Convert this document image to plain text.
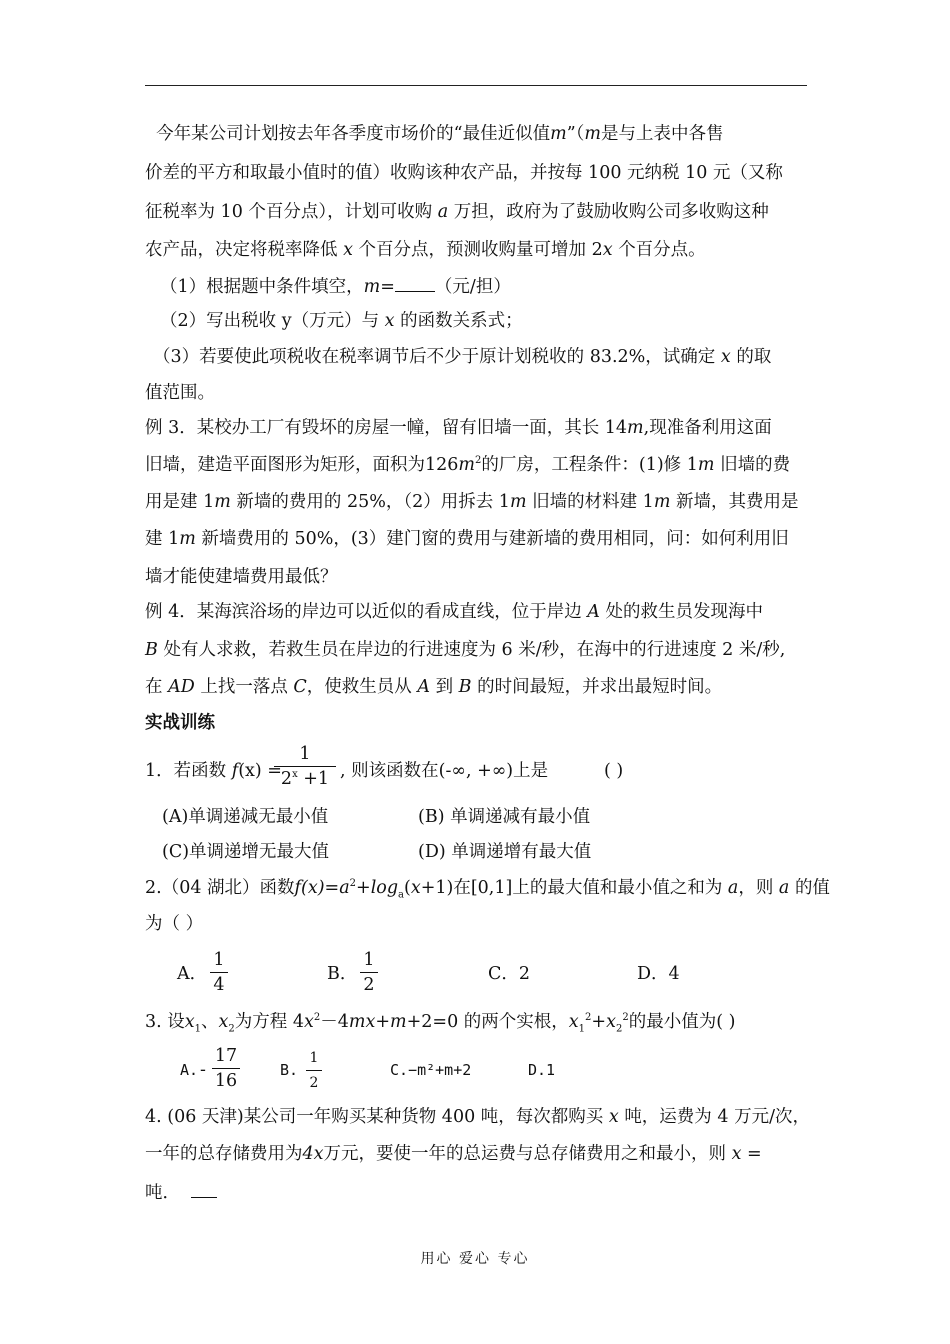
今年某公司计划按去年各季度市场价的“最佳近似值m”（m是与上表中各售
价差的平方和取最小值时的值）收购该种农产品，并按每 100 元纳税 10 元（又称
征税率为 10 个百分点），计划可收购 a 万担，政府为了鼓励收购公司多收购这种
农产品，决定将税率降低 x 个百分点，预测收购量可增加 2x 个百分点。
（1）根据题中条件填空，m= （元/担）
（2）写出税收 y（万元）与 x 的函数关系式；
（3）若要使此项税收在税率调节后不少于原计划税收的 83.2%，试确定 x 的取
值范围。
例 3．某校办工厂有毁坏的房屋一幢，留有旧墙一面，其长 14m,现准备利用这面
旧墙，建造平面图形为矩形，面积为$126m^2$的厂房，工程条件：(1)修 1m 旧墙的费
用是建 1m 新墙的费用的 25%，（2）用拆去 1m 旧墙的材料建 1m 新墙，其费用是
建 1m 新墙费用的 50%，(3）建门窗的费用与建新墙的费用相同，问：如何利用旧
墙才能使建墙费用最低？
例 4．某海滨浴场的岸边可以近似的看成直线，位于岸边 A 处的救生员发现海中
B 处有人求救，若救生员在岸边的行进速度为 6 米/秒，在海中的行进速度 2 米/秒,
在 AD 上找一落点 C，使救生员从 A 到 B 的时间最短，并求出最短时间。
实战训练
1．若函数 f(x) =
1
$2^x +1$ , 则该函数在(-∞, +∞)上是	( )
(A)单调递减无最小值	(B) 单调递减有最小值
(C)单调递增无最大值	(D) 单调递增有最大值
2.（04 湖北）函数$f(x)=a^2+\log_a(x+1)$在[0,1]上的最大值和最小值之和为 a，则 a 的值
为（ ）
A．
1
4
B．
1
2
C．2	D．4
3. 设$x_1$、$x_2$为方程 $4x^2-4mx+m+2=0$ 的两个实根，$x_1^2+x_2^2$的最小值为( )
A. -
17
16
B.
1
2
C.−m²+m+2	D.1
4. (06 天津)某公司一年购买某种货物 400 吨，每次都购买 x 吨，运费为 4 万元/次，
一年的总存储费用为4x万元，要使一年的总运费与总存储费用之和最小，则 x =
吨．
用心 爱心 专心
